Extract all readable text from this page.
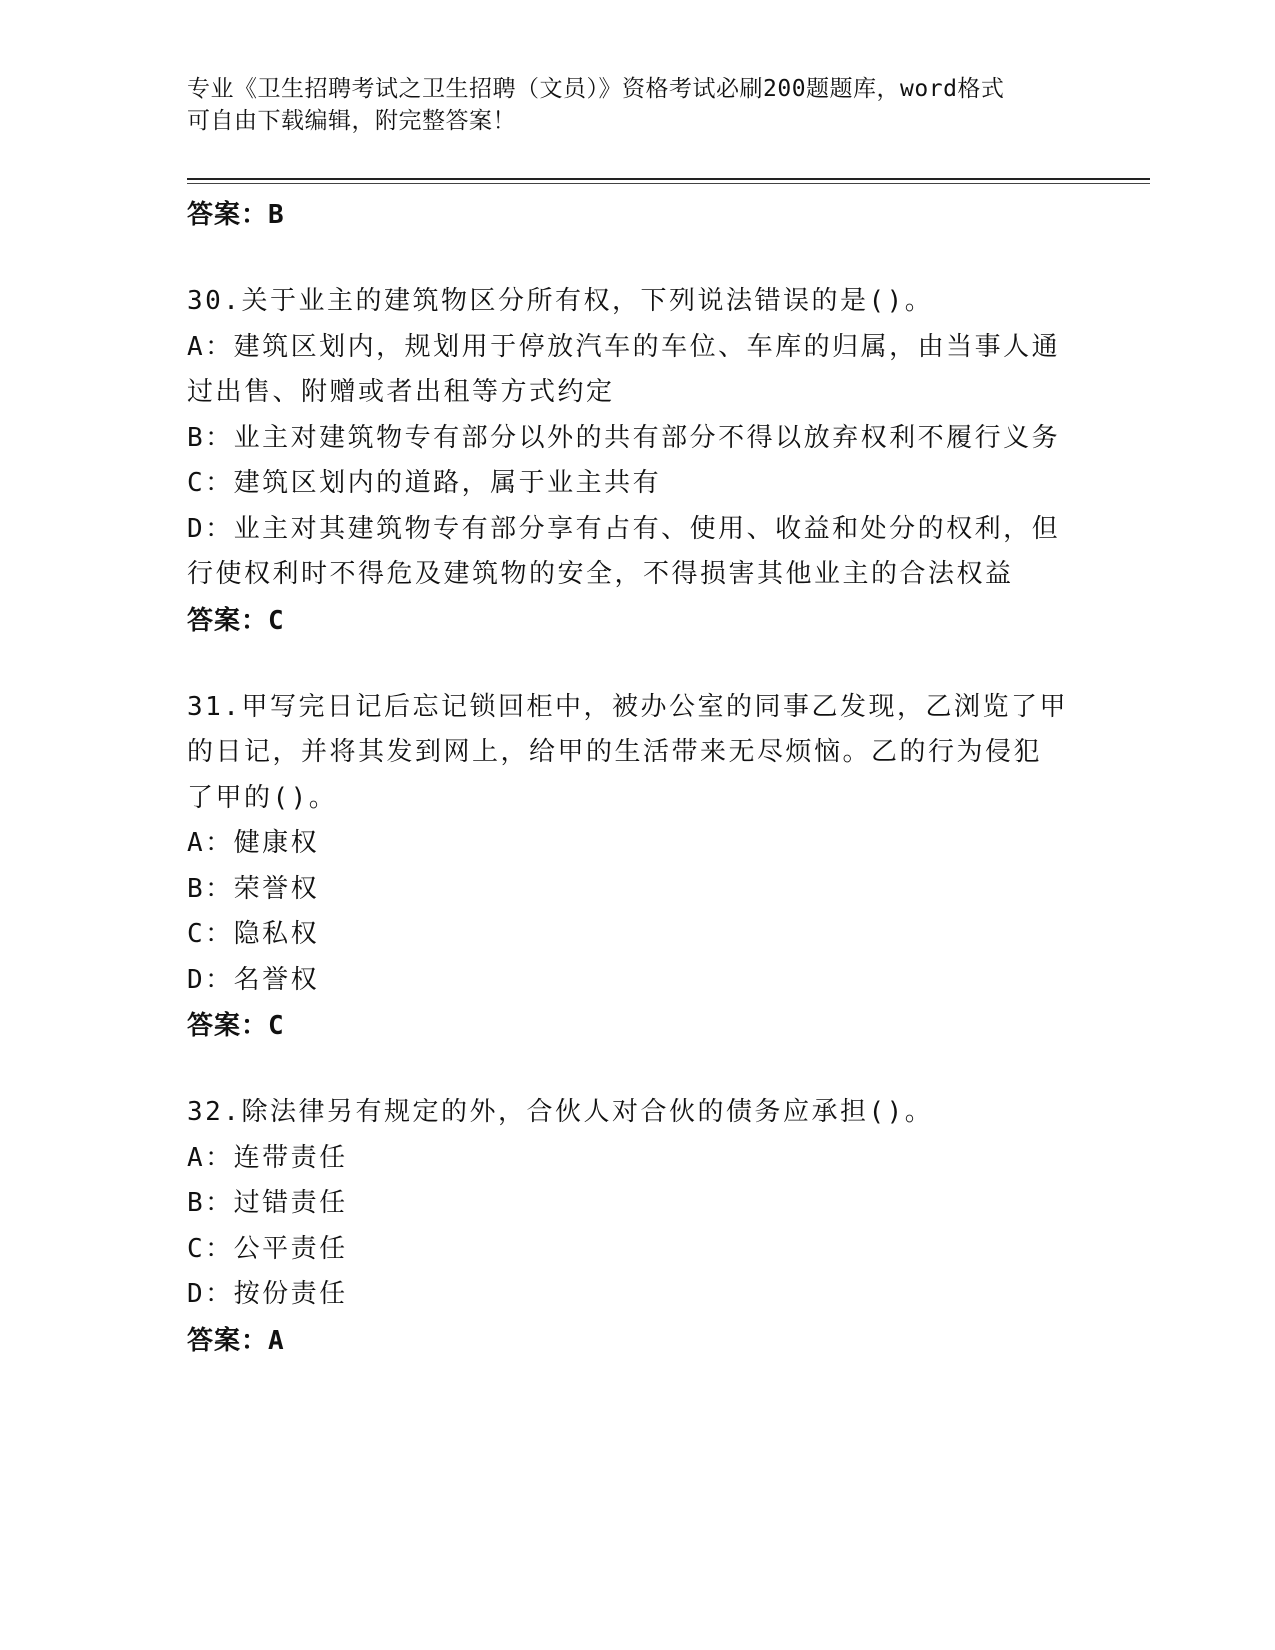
专业《卫生招聘考试之卫生招聘（文员）》资格考试必刷200题题库，word格式
可自由下载编辑，附完整答案！
答案：B
30.关于业主的建筑物区分所有权，下列说法错误的是()。
A：建筑区划内，规划用于停放汽车的车位、车库的归属，由当事人通
过出售、附赠或者出租等方式约定
B：业主对建筑物专有部分以外的共有部分不得以放弃权利不履行义务
C：建筑区划内的道路，属于业主共有
D：业主对其建筑物专有部分享有占有、使用、收益和处分的权利，但
行使权利时不得危及建筑物的安全，不得损害其他业主的合法权益
答案：C
31.甲写完日记后忘记锁回柜中，被办公室的同事乙发现，乙浏览了甲
的日记，并将其发到网上，给甲的生活带来无尽烦恼。乙的行为侵犯
了甲的()。
A：健康权
B：荣誉权
C：隐私权
D：名誉权
答案：C
32.除法律另有规定的外，合伙人对合伙的债务应承担()。
A：连带责任
B：过错责任
C：公平责任
D：按份责任
答案：A
